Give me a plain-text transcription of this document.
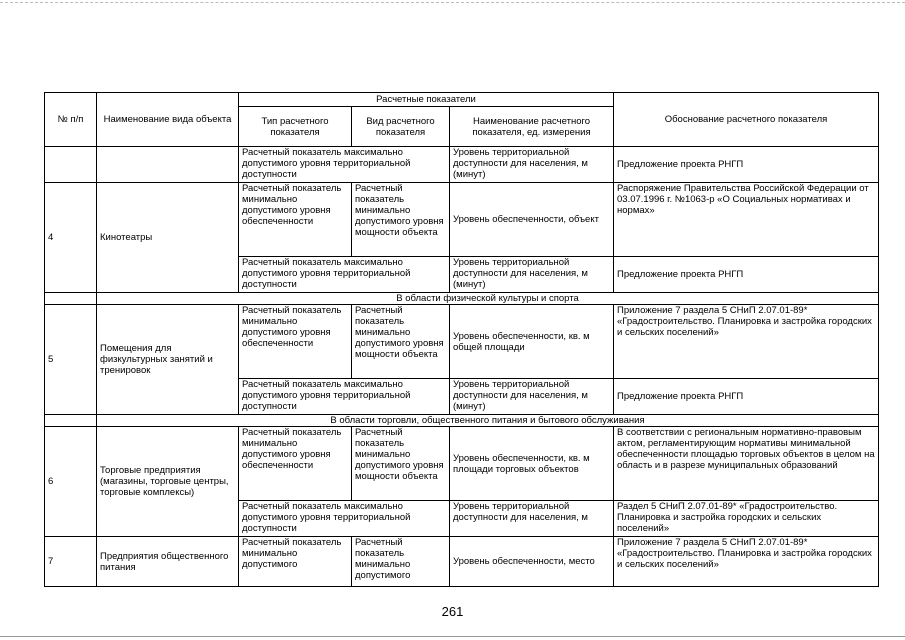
№ п/п	Наименование вида объекта	Расчетные показатели			Обоснование расчетного показателя
		Тип расчетного показателя	Вид расчетного показателя	Наименование расчетного показателя, ед. измерения	
		Расчетный показатель максимально допустимого уровня территориальной доступности		Уровень территориальной доступности для населения, м (минут)	Предложение проекта РНГП
4	Кинотеатры	Расчетный показатель минимально допустимого уровня обеспеченности	Расчетный показатель минимально допустимого уровня мощности объекта	Уровень обеспеченности, объект	Распоряжение Правительства Российской Федерации от 03.07.1996 г. №1063-р «О Социальных нормативах и нормах»
		Расчетный показатель максимально допустимого уровня территориальной доступности		Уровень территориальной доступности для населения, м (минут)	Предложение проекта РНГП
	В области физической культуры и спорта				
5	Помещения для физкультурных занятий и тренировок	Расчетный показатель минимально допустимого уровня обеспеченности	Расчетный показатель минимально допустимого уровня мощности объекта	Уровень обеспеченности, кв. м общей площади	Приложение 7 раздела 5 СНиП 2.07.01-89* «Градостроительство. Планировка и застройка городских и сельских поселений»
		Расчетный показатель максимально допустимого уровня территориальной доступности		Уровень территориальной доступности для населения, м (минут)	Предложение проекта РНГП
	В области торговли, общественного питания и бытового обслуживания				
6	Торговые предприятия (магазины, торговые центры, торговые комплексы)	Расчетный показатель минимально допустимого уровня обеспеченности	Расчетный показатель минимально допустимого уровня мощности объекта	Уровень обеспеченности, кв. м площади торговых объектов	В соответствии с региональным нормативно-правовым актом, регламентирующим нормативы минимальной обеспеченности площадью торговых объектов в целом на область и в разрезе муниципальных образований
		Расчетный показатель максимально допустимого уровня территориальной доступности		Уровень территориальной доступности для населения, м	Раздел 5 СНиП 2.07.01-89* «Градостроительство. Планировка и застройка городских и сельских поселений»
7	Предприятия общественного питания	Расчетный показатель минимально допустимого	Расчетный показатель минимально допустимого	Уровень обеспеченности, место	Приложение 7 раздела 5 СНиП 2.07.01-89* «Градостроительство. Планировка и застройка городских и сельских поселений»
261
